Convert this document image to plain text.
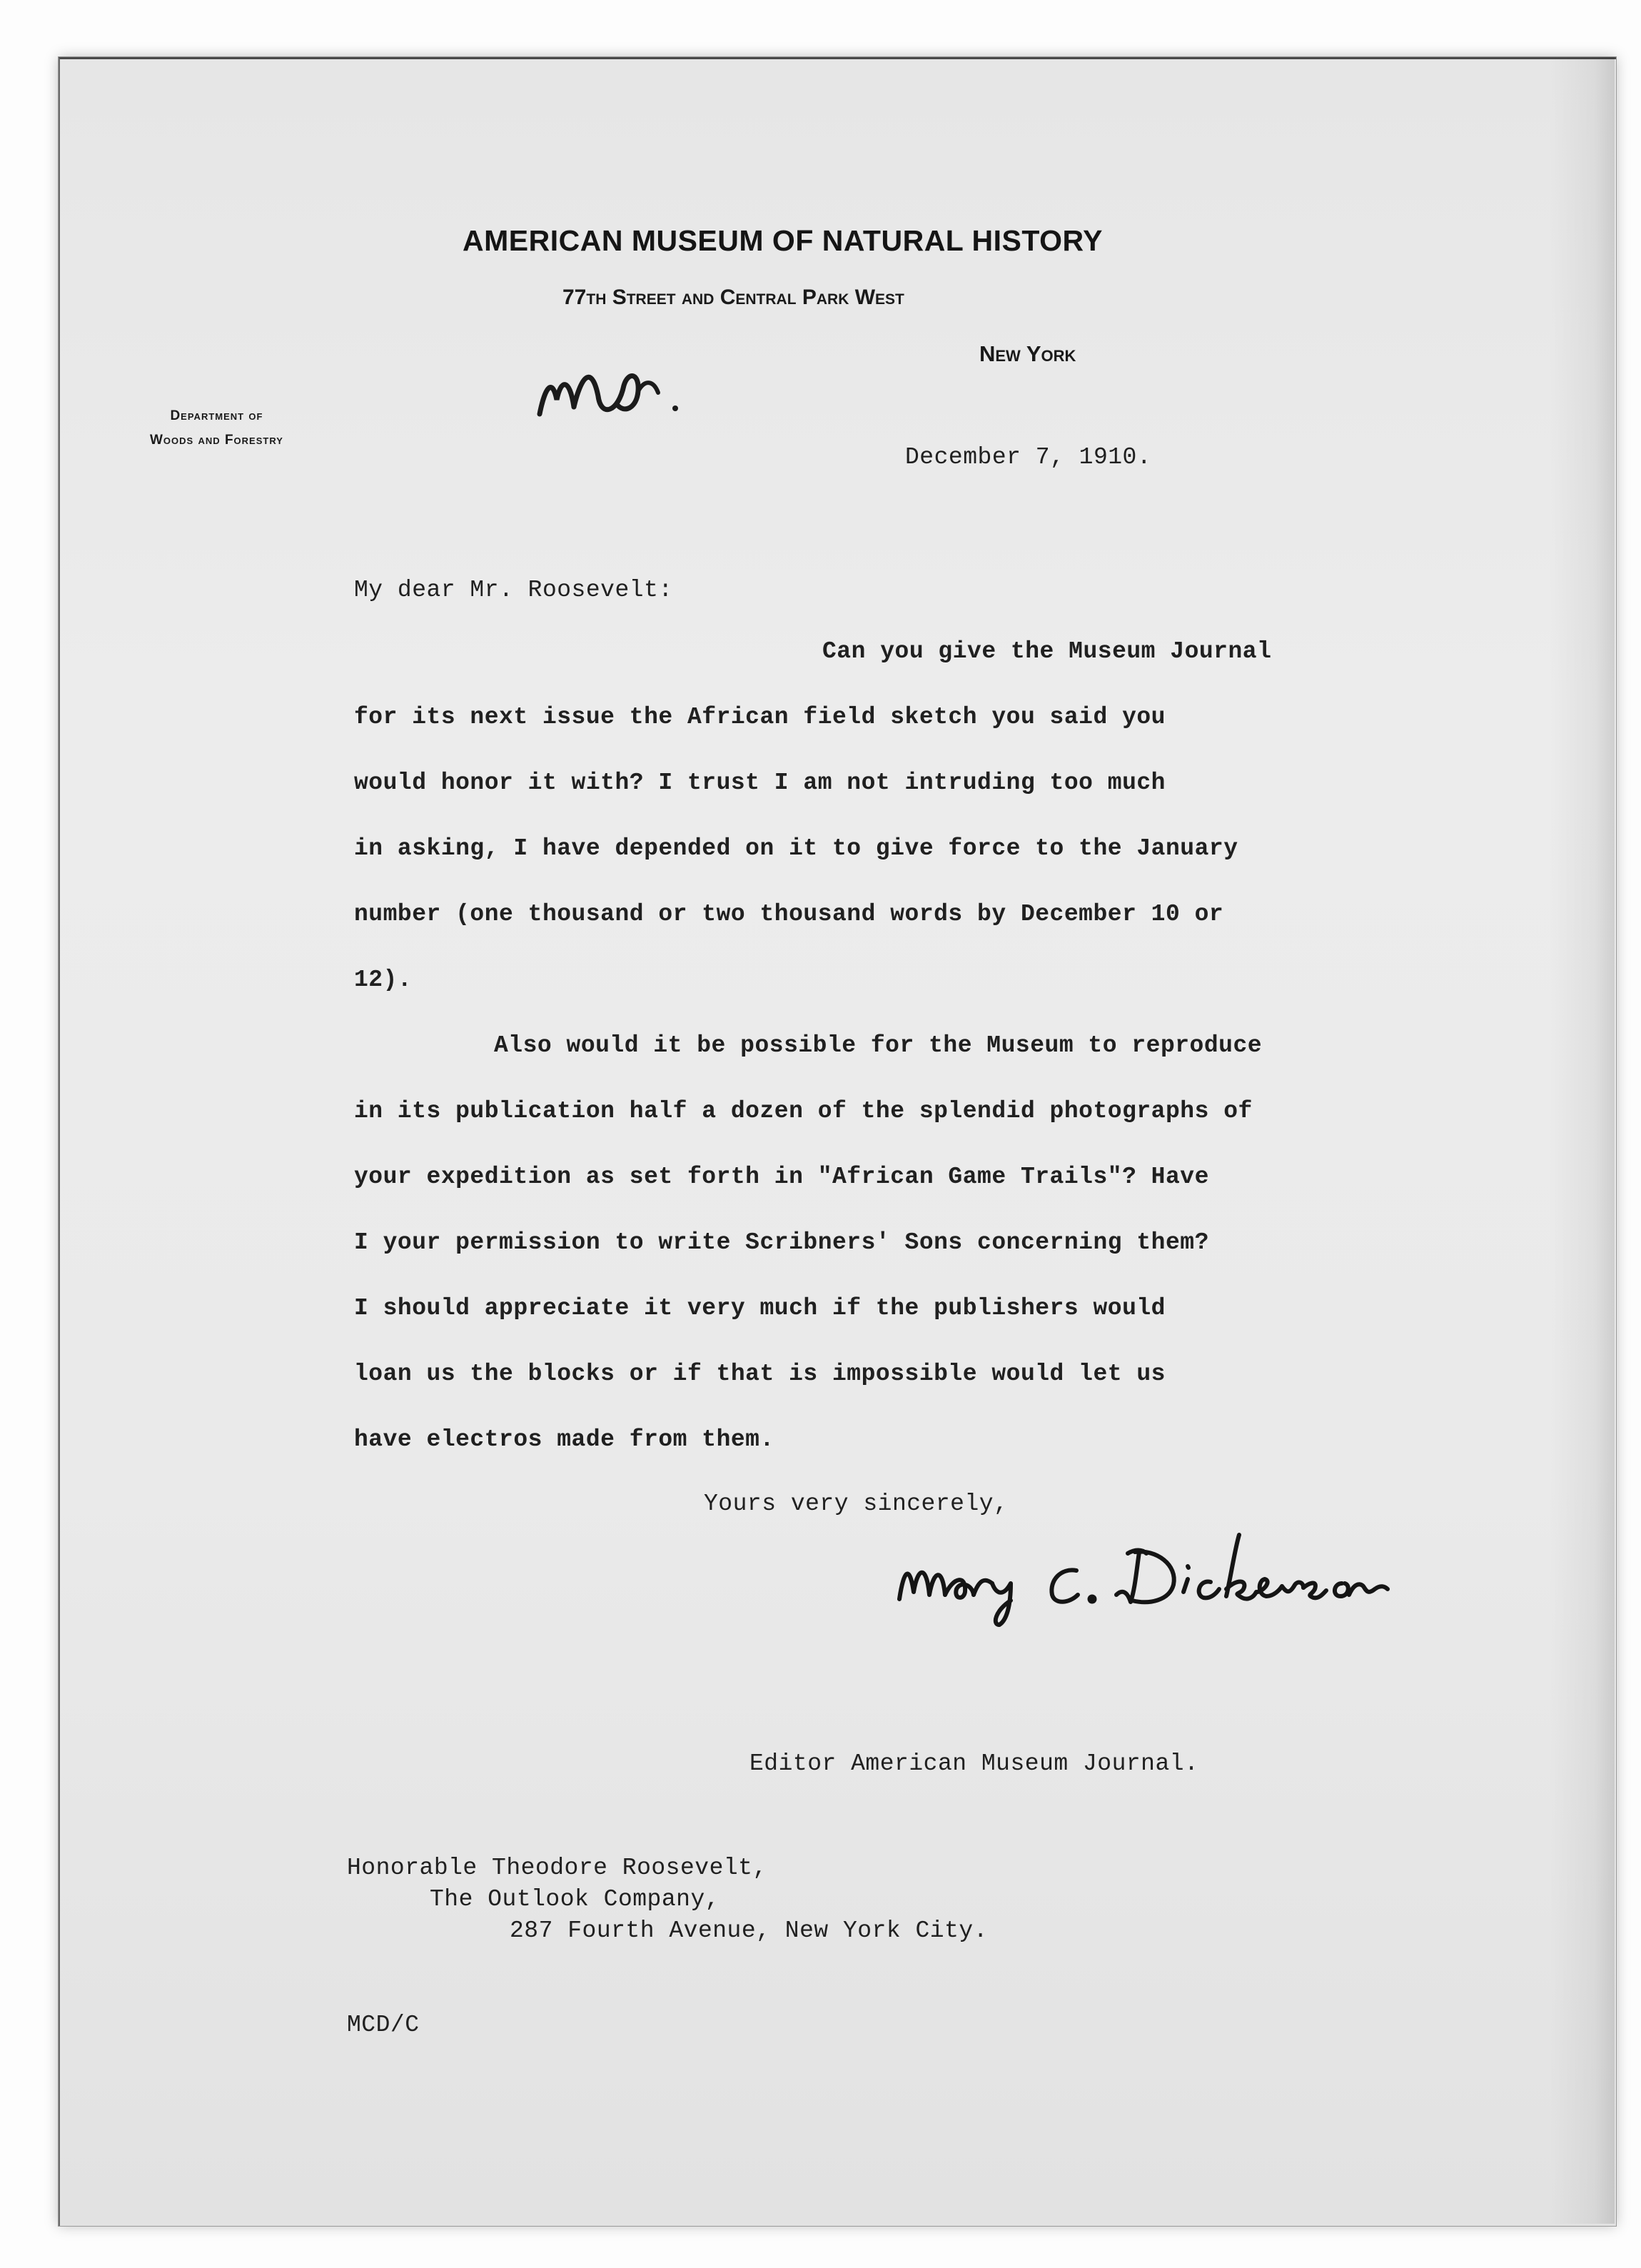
AMERICAN MUSEUM OF NATURAL HISTORY
77th Street and Central Park West
New York
Department of
Woods and Forestry
December 7, 1910.
My dear Mr. Roosevelt:
Can you give the Museum Journal
for its next issue the African field sketch you said you
would honor it with? I trust I am not intruding too much
in asking, I have depended on it to give force to the January
number (one thousand or two thousand words by December 10 or
12).
Also would it be possible for the Museum to reproduce
in its publication half a dozen of the splendid photographs of
your expedition as set forth in "African Game Trails"? Have
I your permission to write Scribners' Sons concerning them?
I should appreciate it very much if the publishers would
loan us the blocks or if that is impossible would let us
have electros made from them.
Yours very sincerely,
Editor American Museum Journal.
Honorable Theodore Roosevelt,
The Outlook Company,
287 Fourth Avenue, New York City.
MCD/C
